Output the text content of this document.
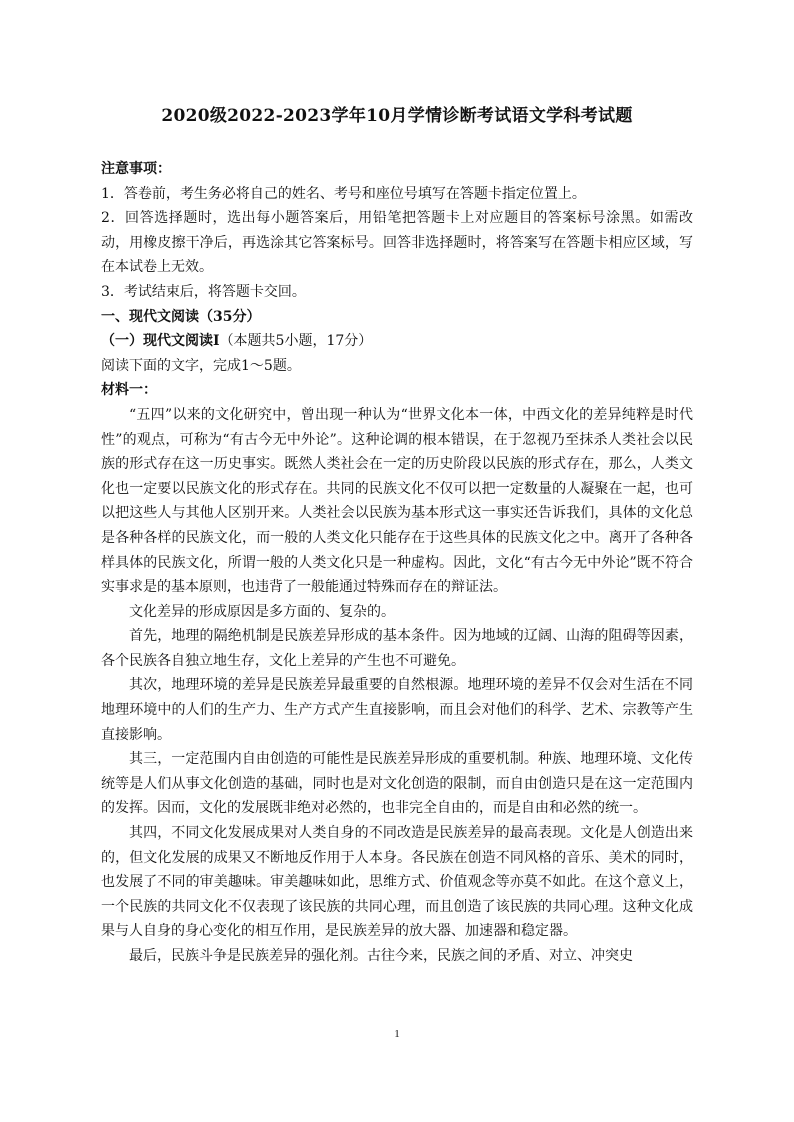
2020级2022-2023学年10月学情诊断考试语文学科考试题

注意事项：

1．答卷前，考生务必将自己的姓名、考号和座位号填写在答题卡指定位置上。

2．回答选择题时，选出每小题答案后，用铅笔把答题卡上对应题目的答案标号涂黑。如需改动，用橡皮擦干净后，再选涂其它答案标号。回答非选择题时，将答案写在答题卡相应区域，写在本试卷上无效。

3．考试结束后，将答题卡交回。

一、现代文阅读（35分）

（一）现代文阅读Ⅰ（本题共5小题，17分）

阅读下面的文字，完成1～5题。

材料一：

“五四”以来的文化研究中，曾出现一种认为“世界文化本一体，中西文化的差异纯粹是时代性”的观点，可称为“有古今无中外论”。这种论调的根本错误，在于忽视乃至抹杀人类社会以民族的形式存在这一历史事实。既然人类社会在一定的历史阶段以民族的形式存在，那么，人类文化也一定要以民族文化的形式存在。共同的民族文化不仅可以把一定数量的人凝聚在一起，也可以把这些人与其他人区别开来。人类社会以民族为基本形式这一事实还告诉我们，具体的文化总是各种各样的民族文化，而一般的人类文化只能存在于这些具体的民族文化之中。离开了各种各样具体的民族文化，所谓一般的人类文化只是一种虚构。因此，文化“有古今无中外论”既不符合实事求是的基本原则，也违背了一般能通过特殊而存在的辩证法。

文化差异的形成原因是多方面的、复杂的。

首先，地理的隔绝机制是民族差异形成的基本条件。因为地域的辽阔、山海的阻碍等因素，各个民族各自独立地生存，文化上差异的产生也不可避免。

其次，地理环境的差异是民族差异最重要的自然根源。地理环境的差异不仅会对生活在不同地理环境中的人们的生产力、生产方式产生直接影响，而且会对他们的科学、艺术、宗教等产生直接影响。

其三，一定范围内自由创造的可能性是民族差异形成的重要机制。种族、地理环境、文化传统等是人们从事文化创造的基础，同时也是对文化创造的限制，而自由创造只是在这一定范围内的发挥。因而，文化的发展既非绝对必然的，也非完全自由的，而是自由和必然的统一。

其四，不同文化发展成果对人类自身的不同改造是民族差异的最高表现。文化是人创造出来的，但文化发展的成果又不断地反作用于人本身。各民族在创造不同风格的音乐、美术的同时，也发展了不同的审美趣味。审美趣味如此，思维方式、价值观念等亦莫不如此。在这个意义上，一个民族的共同文化不仅表现了该民族的共同心理，而且创造了该民族的共同心理。这种文化成果与人自身的身心变化的相互作用，是民族差异的放大器、加速器和稳定器。

最后，民族斗争是民族差异的强化剂。古往今来，民族之间的矛盾、对立、冲突史

1
